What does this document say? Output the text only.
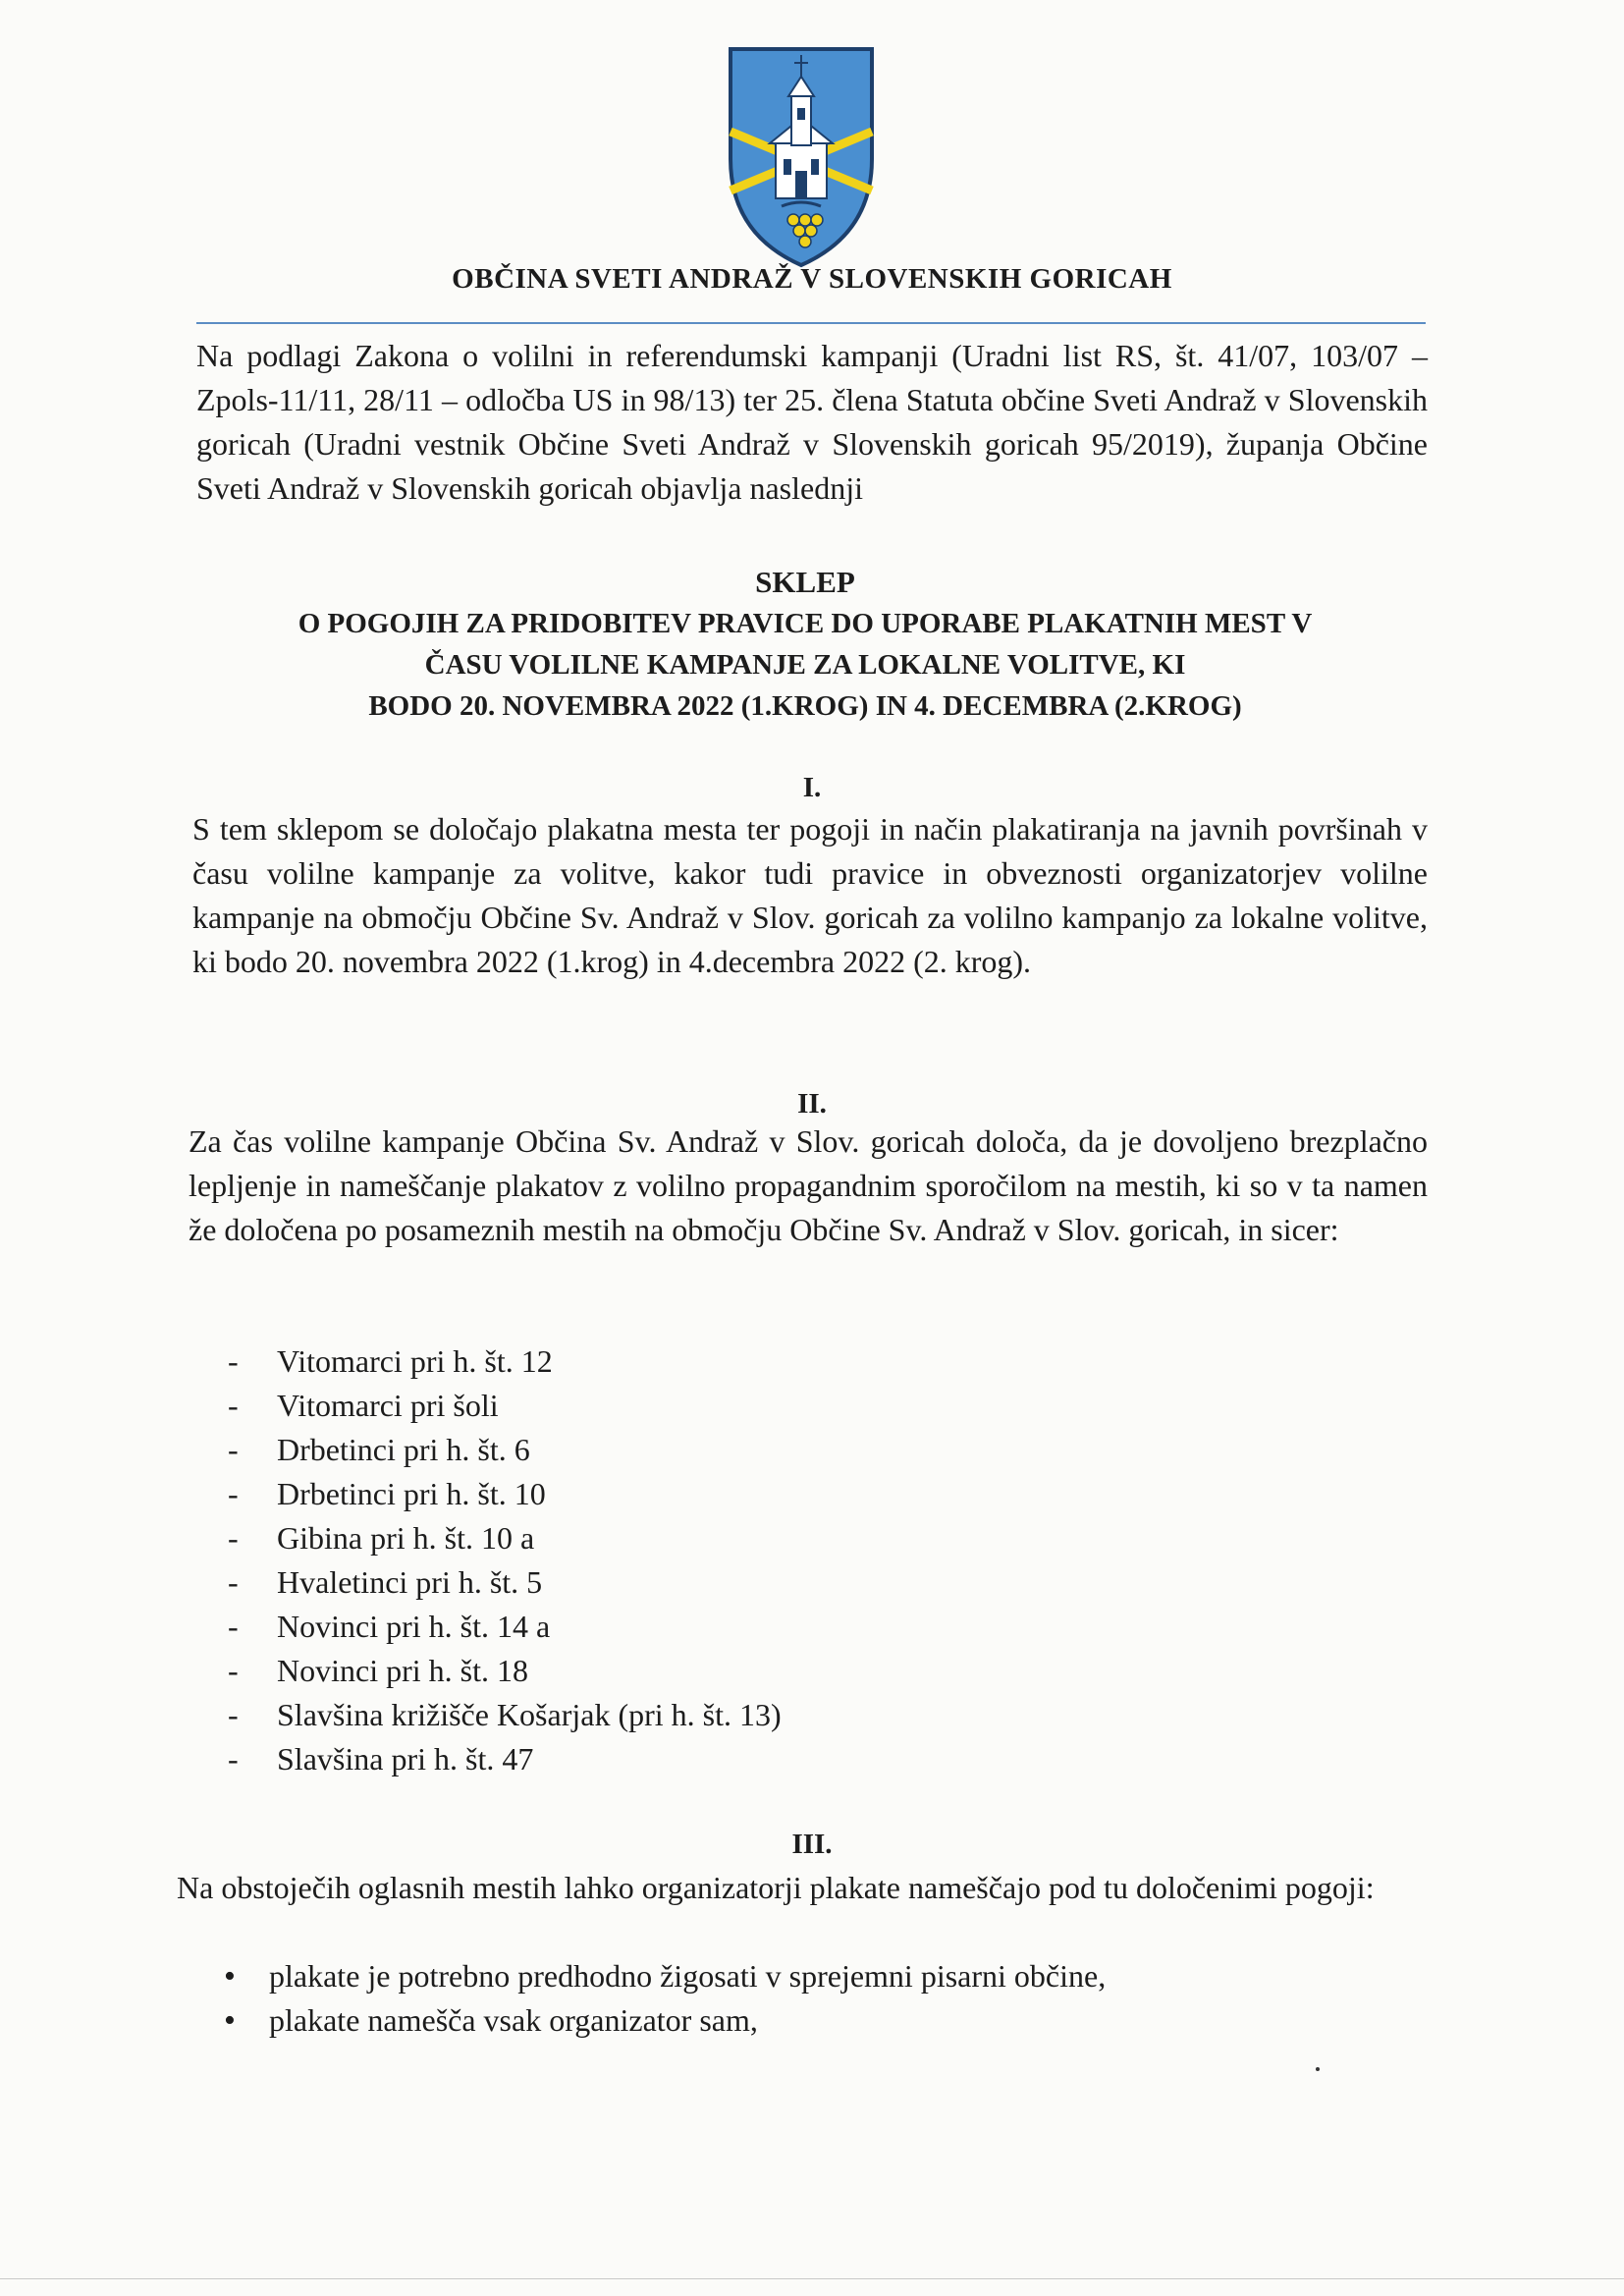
OBČINA SVETI ANDRAŽ V SLOVENSKIH GORICAH

Na podlagi Zakona o volilni in referendumski kampanji (Uradni list RS, št. 41/07, 103/07 – Zpols-11/11, 28/11 – odločba US in 98/13) ter 25. člena Statuta občine Sveti Andraž v Slovenskih goricah (Uradni vestnik Občine Sveti Andraž v Slovenskih goricah 95/2019), županja Občine Sveti Andraž v Slovenskih goricah objavlja naslednji

SKLEP
O POGOJIH ZA PRIDOBITEV PRAVICE DO UPORABE PLAKATNIH MEST V
ČASU VOLILNE KAMPANJE ZA LOKALNE VOLITVE, KI
BODO 20. NOVEMBRA 2022 (1.KROG) IN 4. DECEMBRA (2.KROG)
I.

S tem sklepom se določajo plakatna mesta ter pogoji in način plakatiranja na javnih površinah v času volilne kampanje za volitve, kakor tudi pravice in obveznosti organizatorjev volilne kampanje na območju Občine Sv. Andraž v Slov. goricah za volilno kampanjo za lokalne volitve, ki bodo 20. novembra 2022 (1.krog) in 4.decembra 2022 (2. krog).

II.

Za čas volilne kampanje Občina Sv. Andraž v Slov. goricah določa, da je dovoljeno brezplačno lepljenje in nameščanje plakatov z volilno propagandnim sporočilom na mestih, ki so v ta namen že določena po posameznih mestih na območju Občine Sv. Andraž v Slov. goricah, in sicer:

- Vitomarci pri h. št. 12
- Vitomarci pri šoli
- Drbetinci pri h. št. 6
- Drbetinci pri h. št. 10
- Gibina pri h. št. 10 a
- Hvaletinci pri h. št. 5
- Novinci pri h. št. 14 a
- Novinci pri h. št. 18
- Slavšina križišče Košarjak (pri h. št. 13)
- Slavšina pri h. št. 47
III.

Na obstoječih oglasnih mestih lahko organizatorji plakate nameščajo pod tu določenimi pogoji:

• plakate je potrebno predhodno žigosati v sprejemni pisarni občine,
• plakate namešča vsak organizator sam,
